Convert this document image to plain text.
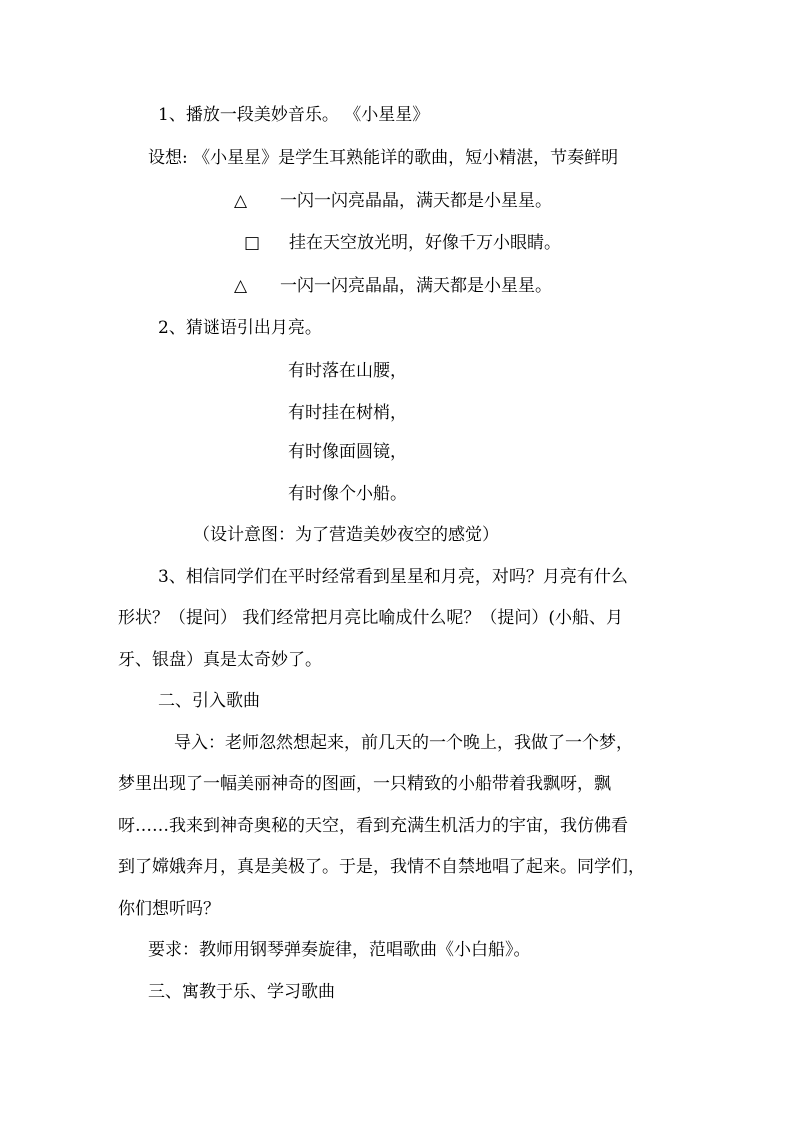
1、播放一段美妙音乐。 《小星星》
设想: 《小星星》是学生耳熟能详的歌曲，短小精湛，节奏鲜明
△ 一闪一闪亮晶晶，满天都是小星星。
□ 挂在天空放光明，好像千万小眼睛。
△ 一闪一闪亮晶晶，满天都是小星星。
2、猜谜语引出月亮。
有时落在山腰，
有时挂在树梢，
有时像面圆镜，
有时像个小船。
（设计意图：为了营造美妙夜空的感觉）
3、相信同学们在平时经常看到星星和月亮，对吗？月亮有什么
形状？（提问） 我们经常把月亮比喻成什么呢？（提问）(小船、月
牙、银盘）真是太奇妙了。
二、引入歌曲
导入：老师忽然想起来，前几天的一个晚上，我做了一个梦，
梦里出现了一幅美丽神奇的图画，一只精致的小船带着我飘呀，飘
呀……我来到神奇奥秘的天空，看到充满生机活力的宇宙，我仿佛看
到了嫦娥奔月，真是美极了。于是，我情不自禁地唱了起来。同学们，
你们想听吗？
要求：教师用钢琴弹奏旋律，范唱歌曲《小白船》。
三、寓教于乐、学习歌曲
